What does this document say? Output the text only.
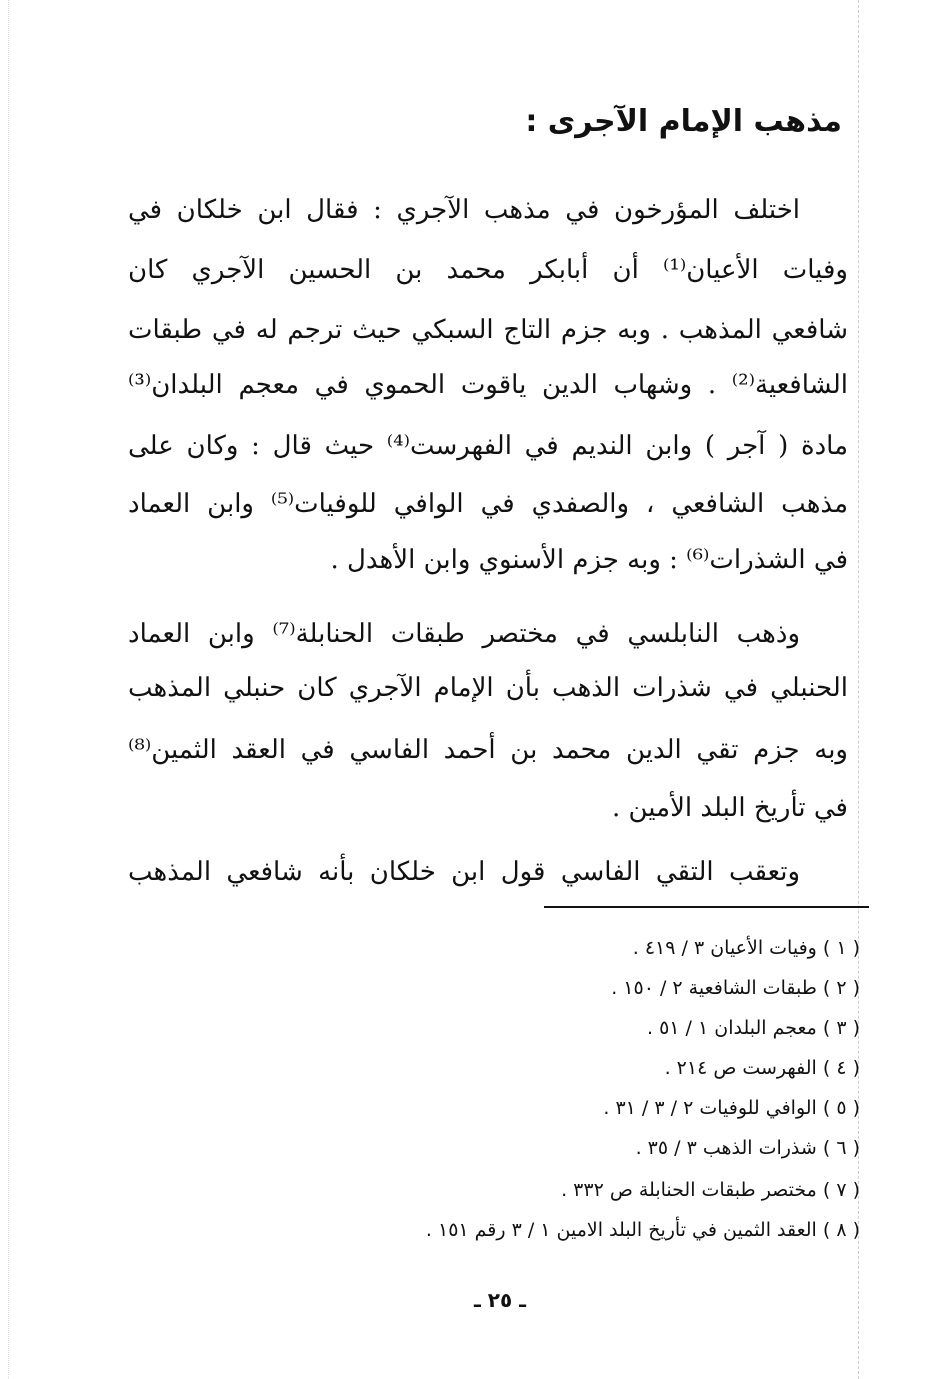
مذهب الإمام الآجرى :
اختلف المؤرخون في مذهب الآجري : فقال ابن خلكان في
وفيات الأعيان⁽¹⁾ أن أبابكر محمد بن الحسين الآجري كان
شافعي المذهب . وبه جزم التاج السبكي حيث ترجم له في طبقات
الشافعية⁽²⁾ . وشهاب الدين ياقوت الحموي في معجم البلدان⁽³⁾
مادة ( آجر ) وابن النديم في الفهرست⁽⁴⁾ حيث قال : وكان على
مذهب الشافعي ، والصفدي في الوافي للوفيات⁽⁵⁾ وابن العماد
في الشذرات⁽⁶⁾ : وبه جزم الأسنوي وابن الأهدل .
وذهب النابلسي في مختصر طبقات الحنابلة⁽⁷⁾ وابن العماد
الحنبلي في شذرات الذهب بأن الإمام الآجري كان حنبلي المذهب
وبه جزم تقي الدين محمد بن أحمد الفاسي في العقد الثمين⁽⁸⁾
في تأريخ البلد الأمين .
وتعقب التقي الفاسي قول ابن خلكان بأنه شافعي المذهب
( ١ ) وفيات الأعيان ٣ / ٤١٩ .
( ٢ ) طبقات الشافعية ٢ / ١٥٠ .
( ٣ ) معجم البلدان ١ / ٥١ .
( ٤ ) الفهرست ص ٢١٤ .
( ٥ ) الوافي للوفيات ٢ / ٣ / ٣١ .
( ٦ ) شذرات الذهب ٣ / ٣٥ .
( ٧ ) مختصر طبقات الحنابلة ص ٣٣٢ .
( ٨ ) العقد الثمين في تأريخ البلد الامين ١ / ٣ رقم ١٥١ .
ـ ٢٥ ـ
